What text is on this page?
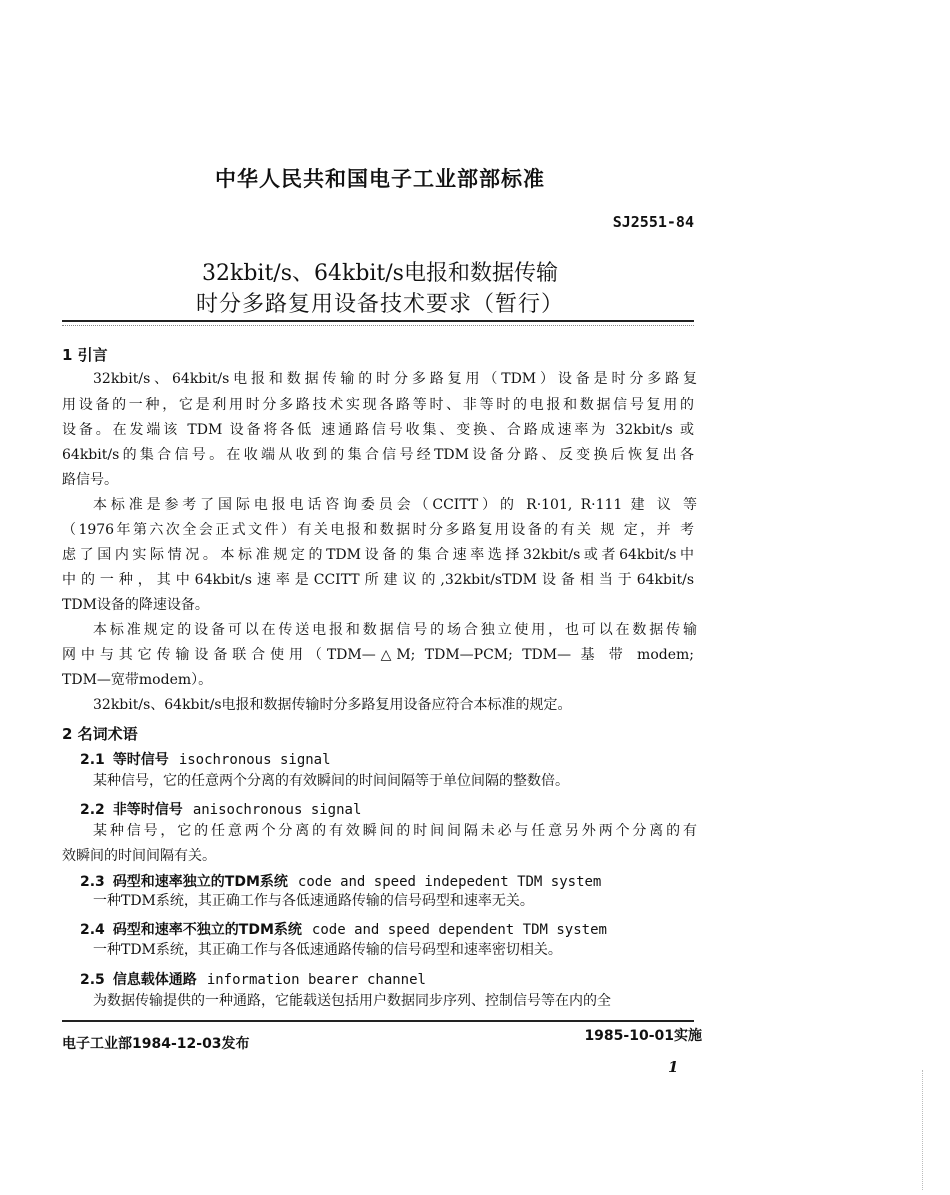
中华人民共和国电子工业部部标准
SJ2551-84
32kbit/s、64kbit/s电报和数据传输
时分多路复用设备技术要求（暂行）
1 引言
32kbit/s、64kbit/s电报和数据传输的时分多路复用（TDM）设备是时分多路复
用设备的一种，它是利用时分多路技术实现各路等时、非等时的电报和数据信号复用的
设备。在发端该 TDM 设备将各低 速通路信号收集、变换、合路成速率为 32kbit/s 或
64kbit/s的集合信号。在收端从收到的集合信号经TDM设备分路、反变换后恢复出各
路信号。
本标准是参考了国际电报电话咨询委员会（CCITT）的 R·101, R·111 建 议 等
（1976年第六次全会正式文件）有关电报和数据时分多路复用设备的有关 规 定，并 考
虑了国内实际情况。本标准规定的TDM设备的集合速率选择32kbit/s或者64kbit/s中
中的一种，其中64kbit/s速率是CCITT所建议的,32kbit/sTDM设备相当于64kbit/s
TDM设备的降速设备。
本标准规定的设备可以在传送电报和数据信号的场合独立使用，也可以在数据传输
网中与其它传输设备联合使用（TDM—△M; TDM—PCM; TDM— 基 带 modem;
TDM—宽带modem）。
32kbit/s、64kbit/s电报和数据传输时分多路复用设备应符合本标准的规定。
2 名词术语
2.1 等时信号 isochronous signal
某种信号，它的任意两个分离的有效瞬间的时间间隔等于单位间隔的整数倍。
2.2 非等时信号 anisochronous signal
某种信号，它的任意两个分离的有效瞬间的时间间隔未必与任意另外两个分离的有
效瞬间的时间间隔有关。
2.3 码型和速率独立的TDM系统 code and speed indepedent TDM system
一种TDM系统，其正确工作与各低速通路传输的信号码型和速率无关。
2.4 码型和速率不独立的TDM系统 code and speed dependent TDM system
一种TDM系统，其正确工作与各低速通路传输的信号码型和速率密切相关。
2.5 信息载体通路 information bearer channel
为数据传输提供的一种通路，它能载送包括用户数据同步序列、控制信号等在内的全
电子工业部1984-12-03发布	1985-10-01实施
1
